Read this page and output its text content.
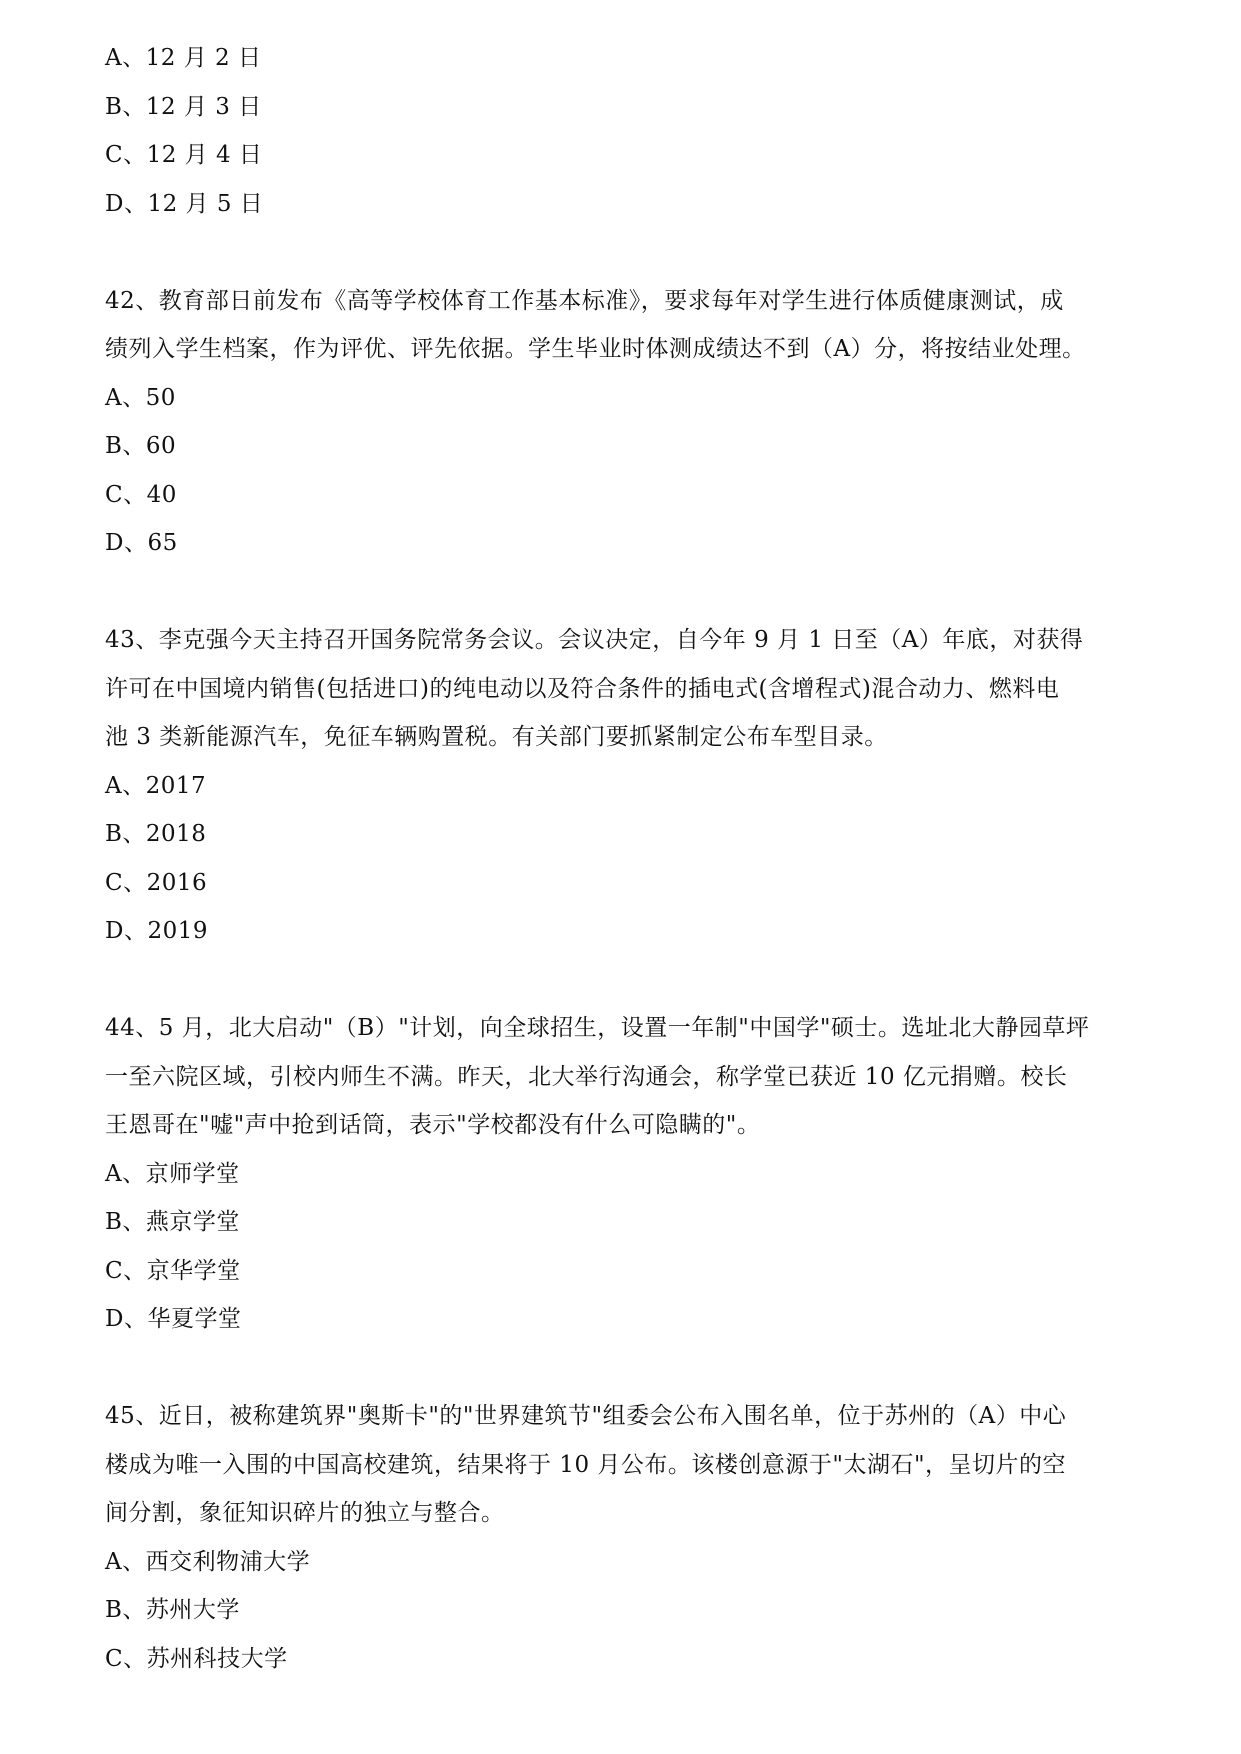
A、12 月 2 日
B、12 月 3 日
C、12 月 4 日
D、12 月 5 日
42、教育部日前发布《高等学校体育工作基本标准》，要求每年对学生进行体质健康测试，成
绩列入学生档案，作为评优、评先依据。学生毕业时体测成绩达不到（A）分，将按结业处理。
A、50
B、60
C、40
D、65
43、李克强今天主持召开国务院常务会议。会议决定，自今年 9 月 1 日至（A）年底，对获得
许可在中国境内销售(包括进口)的纯电动以及符合条件的插电式(含增程式)混合动力、燃料电
池 3 类新能源汽车，免征车辆购置税。有关部门要抓紧制定公布车型目录。
A、2017
B、2018
C、2016
D、2019
44、5 月，北大启动"（B）"计划，向全球招生，设置一年制"中国学"硕士。选址北大静园草坪
一至六院区域，引校内师生不满。昨天，北大举行沟通会，称学堂已获近 10 亿元捐赠。校长
王恩哥在"嘘"声中抢到话筒，表示"学校都没有什么可隐瞒的"。
A、京师学堂
B、燕京学堂
C、京华学堂
D、华夏学堂
45、近日，被称建筑界"奥斯卡"的"世界建筑节"组委会公布入围名单，位于苏州的（A）中心
楼成为唯一入围的中国高校建筑，结果将于 10 月公布。该楼创意源于"太湖石"，呈切片的空
间分割，象征知识碎片的独立与整合。
A、西交利物浦大学
B、苏州大学
C、苏州科技大学
